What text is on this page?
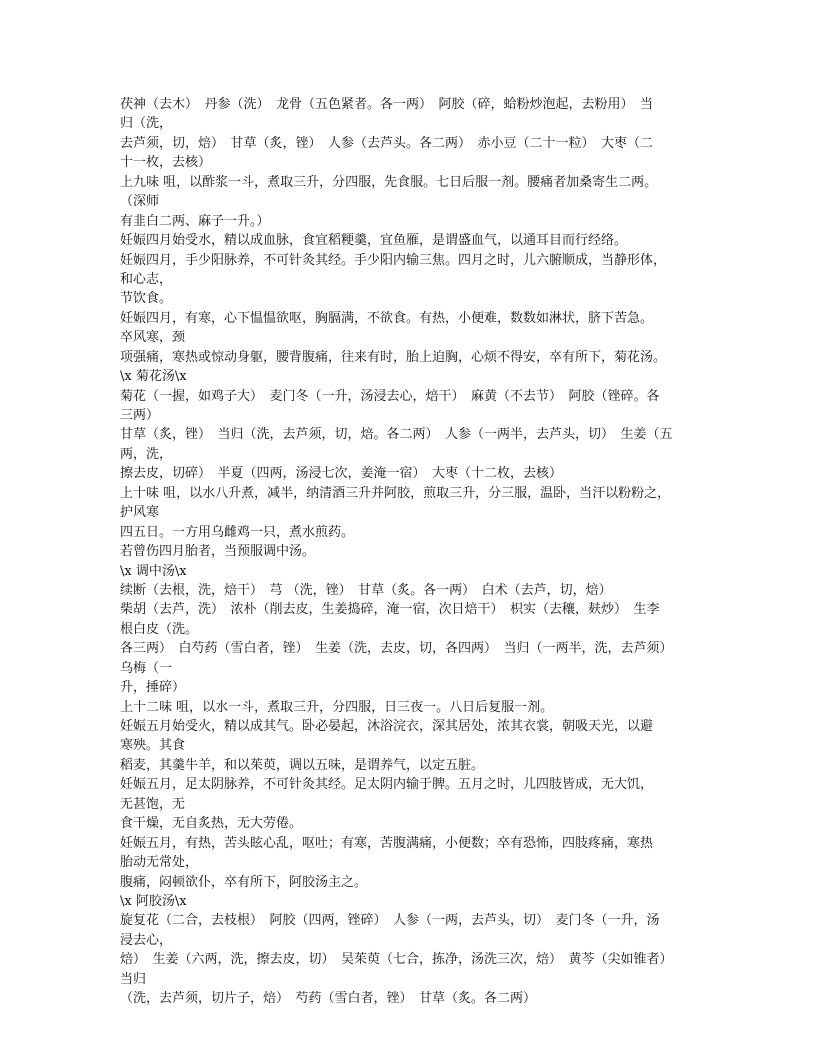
茯神（去木）　丹参（洗）　龙骨（五色紧者。各一两）　阿胶（碎，蛤粉炒泡起，去粉用）　当
归（洗，
去芦须，切，焙）　甘草（炙，锉）　人参（去芦头。各二两）　赤小豆（二十一粒）　大枣（二
十一枚，去核）
上九味 咀，以酢浆一斗，煮取三升，分四服，先食服。七日后服一剂。腰痛者加桑寄生二两。
（深师
有韭白二两、麻子一升。）
妊娠四月始受水，精以成血脉，食宜稻粳羹，宜鱼雁，是谓盛血气，以通耳目而行经络。
妊娠四月，手少阳脉养，不可针灸其经。手少阳内输三焦。四月之时，儿六腑顺成，当静形体，
和心志，
节饮食。
妊娠四月，有寒，心下愠愠欲呕，胸膈满，不欲食。有热，小便难，数数如淋状，脐下苦急。
卒风寒，颈
项强痛，寒热或惊动身躯，腰背腹痛，往来有时，胎上迫胸，心烦不得安，卒有所下，菊花汤。
\x 菊花汤\x
菊花（一握，如鸡子大）　麦门冬（一升，汤浸去心，焙干）　麻黄（不去节）　阿胶（锉碎。各
三两）
甘草（炙，锉）　当归（洗，去芦须，切，焙。各二两）　人参（一两半，去芦头，切）　生姜（五
两，洗，
擦去皮，切碎）　半夏（四两，汤浸七次，姜淹一宿）　大枣（十二枚，去核）
上十味 咀，以水八升煮，减半，纳清酒三升并阿胶，煎取三升，分三服，温卧，当汗以粉粉之，
护风寒
四五日。一方用乌雌鸡一只，煮水煎药。
若曾伤四月胎者，当预服调中汤。
\x 调中汤\x
续断（去根，洗，焙干）　芎 （洗，锉）　甘草（炙。各一两）　白术（去芦，切，焙）
柴胡（去芦，洗）　浓朴（削去皮，生姜捣碎，淹一宿，次日焙干）　枳实（去穰，麸炒）　生李
根白皮（洗。
各三两）　白芍药（雪白者，锉）　生姜（洗，去皮，切，各四两）　当归（一两半，洗，去芦须）
乌梅（一
升，捶碎）
上十二味 咀，以水一斗，煮取三升，分四服，日三夜一。八日后复服一剂。
妊娠五月始受火，精以成其气。卧必晏起，沐浴浣衣，深其居处，浓其衣裳，朝吸天光，以避
寒殃。其食
稻麦，其羹牛羊，和以茱萸，调以五味，是谓养气，以定五脏。
妊娠五月，足太阴脉养，不可针灸其经。足太阴内输于脾。五月之时，儿四肢皆成，无大饥，
无甚饱，无
食干燥，无自炙热，无大劳倦。
妊娠五月，有热，苦头眩心乱，呕吐；有寒，苦腹满痛，小便数；卒有恐怖，四肢疼痛，寒热
胎动无常处，
腹痛，闷顿欲仆，卒有所下，阿胶汤主之。
\x 阿胶汤\x
旋复花（二合，去枝根）　阿胶（四两，锉碎）　人参（一两，去芦头，切）　麦门冬（一升，汤
浸去心，
焙）　生姜（六两，洗，擦去皮，切）　吴茱萸（七合，拣净，汤洗三次，焙）　黄芩（尖如锥者）
当归
（洗，去芦须，切片子，焙）　芍药（雪白者，锉）　甘草（炙。各二两）
